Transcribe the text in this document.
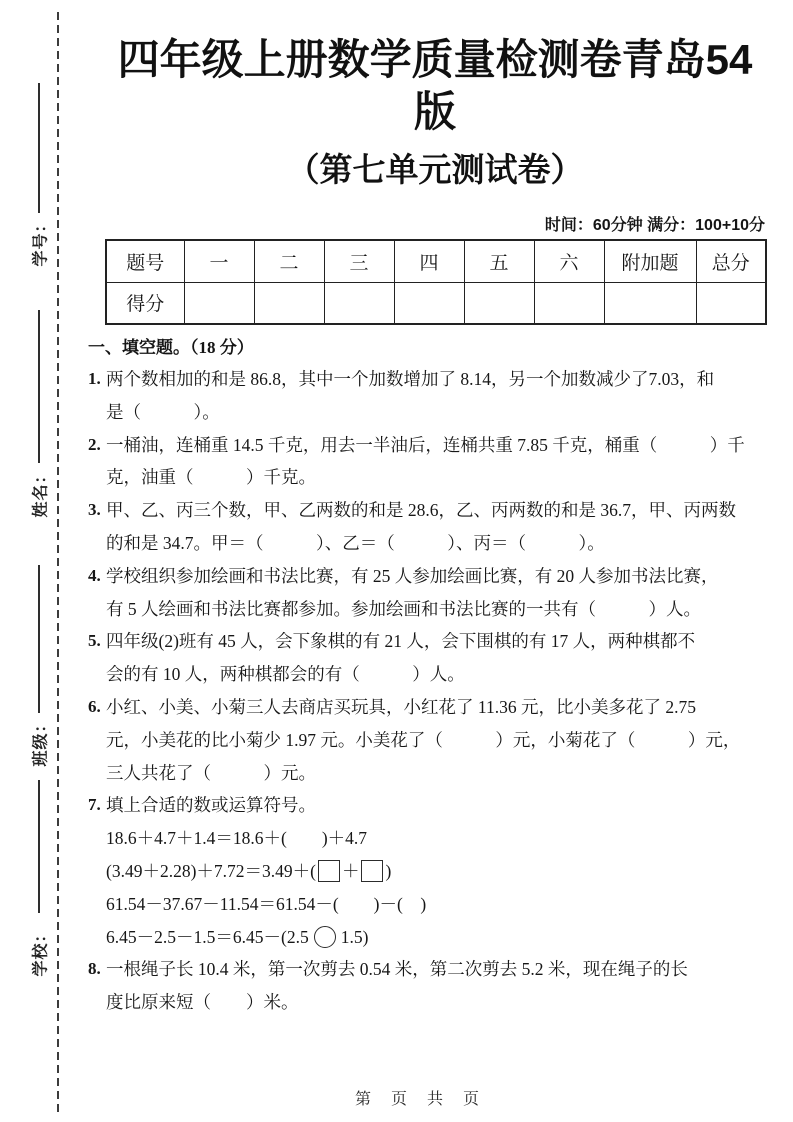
学号：
姓名：
班级：
学校：
四年级上册数学质量检测卷青岛54版
（第七单元测试卷）
时间：60分钟 满分：100+10分
题号	一	二	三	四	五	六	附加题	总分
得分								
一、填空题。（18 分）
1. 两个数相加的和是 86.8，其中一个加数增加了 8.14，另一个加数减少了7.03，和
是（　　　）。
2. 一桶油，连桶重 14.5 千克，用去一半油后，连桶共重 7.85 千克，桶重（　　　）千
克，油重（　　　）千克。
3. 甲、乙、丙三个数，甲、乙两数的和是 28.6，乙、丙两数的和是 36.7，甲、丙两数
的和是 34.7。甲＝（　　　）、乙＝（　　　）、丙＝（　　　）。
4. 学校组织参加绘画和书法比赛，有 25 人参加绘画比赛，有 20 人参加书法比赛，
有 5 人绘画和书法比赛都参加。参加绘画和书法比赛的一共有（　　　）人。
5. 四年级(2)班有 45 人，会下象棋的有 21 人，会下围棋的有 17 人，两种棋都不
会的有 10 人，两种棋都会的有（　　　）人。
6. 小红、小美、小菊三人去商店买玩具，小红花了 11.36 元，比小美多花了 2.75
元，小美花的比小菊少 1.97 元。小美花了（　　　）元，小菊花了（　　　）元，
三人共花了（　　　）元。
7. 填上合适的数或运算符号。
18.6＋4.7＋1.4＝18.6＋(　　)＋4.7
(3.49＋2.28)＋7.72＝3.49＋( ＋ )
61.54－37.67－11.54＝61.54－(　　)－(　)
6.45－2.5－1.5＝6.45－(2.5 1.5)
8. 一根绳子长 10.4 米，第一次剪去 0.54 米，第二次剪去 5.2 米，现在绳子的长
度比原来短（　　）米。
第　页　共　页
